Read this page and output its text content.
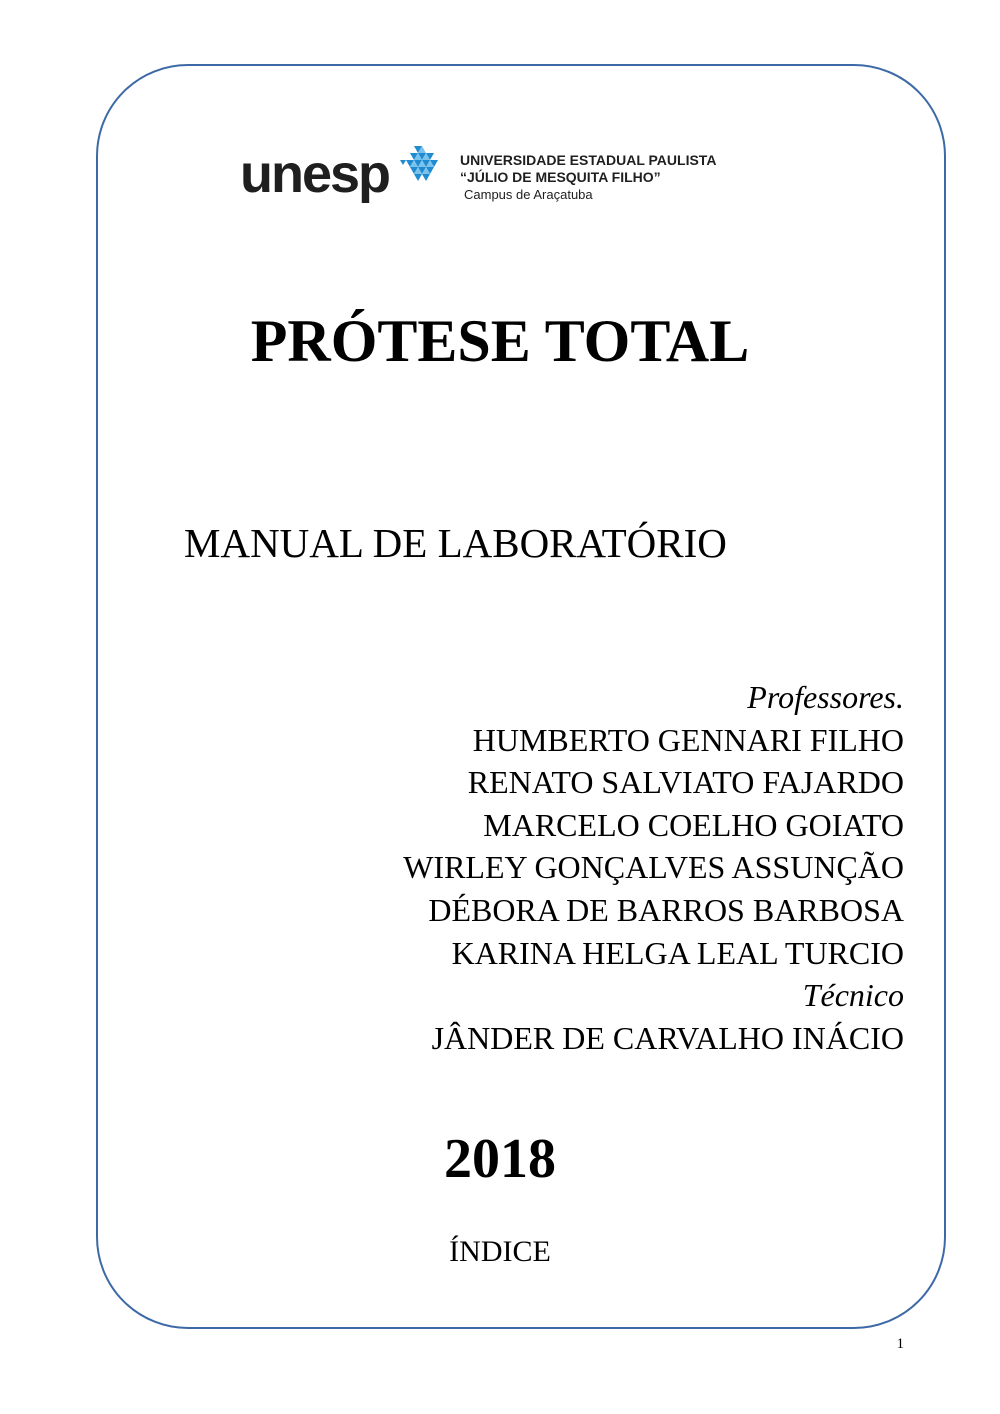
unesp	UNIVERSIDADE ESTADUAL PAULISTA
“JÚLIO DE MESQUITA FILHO”
Campus de Araçatuba
PRÓTESE TOTAL
MANUAL DE LABORATÓRIO
Professores.
HUMBERTO GENNARI FILHO
RENATO SALVIATO FAJARDO
MARCELO COELHO GOIATO
WIRLEY GONÇALVES ASSUNÇÃO
DÉBORA DE BARROS BARBOSA
KARINA HELGA LEAL TURCIO
Técnico
JÂNDER DE CARVALHO INÁCIO
2018
ÍNDICE
1
